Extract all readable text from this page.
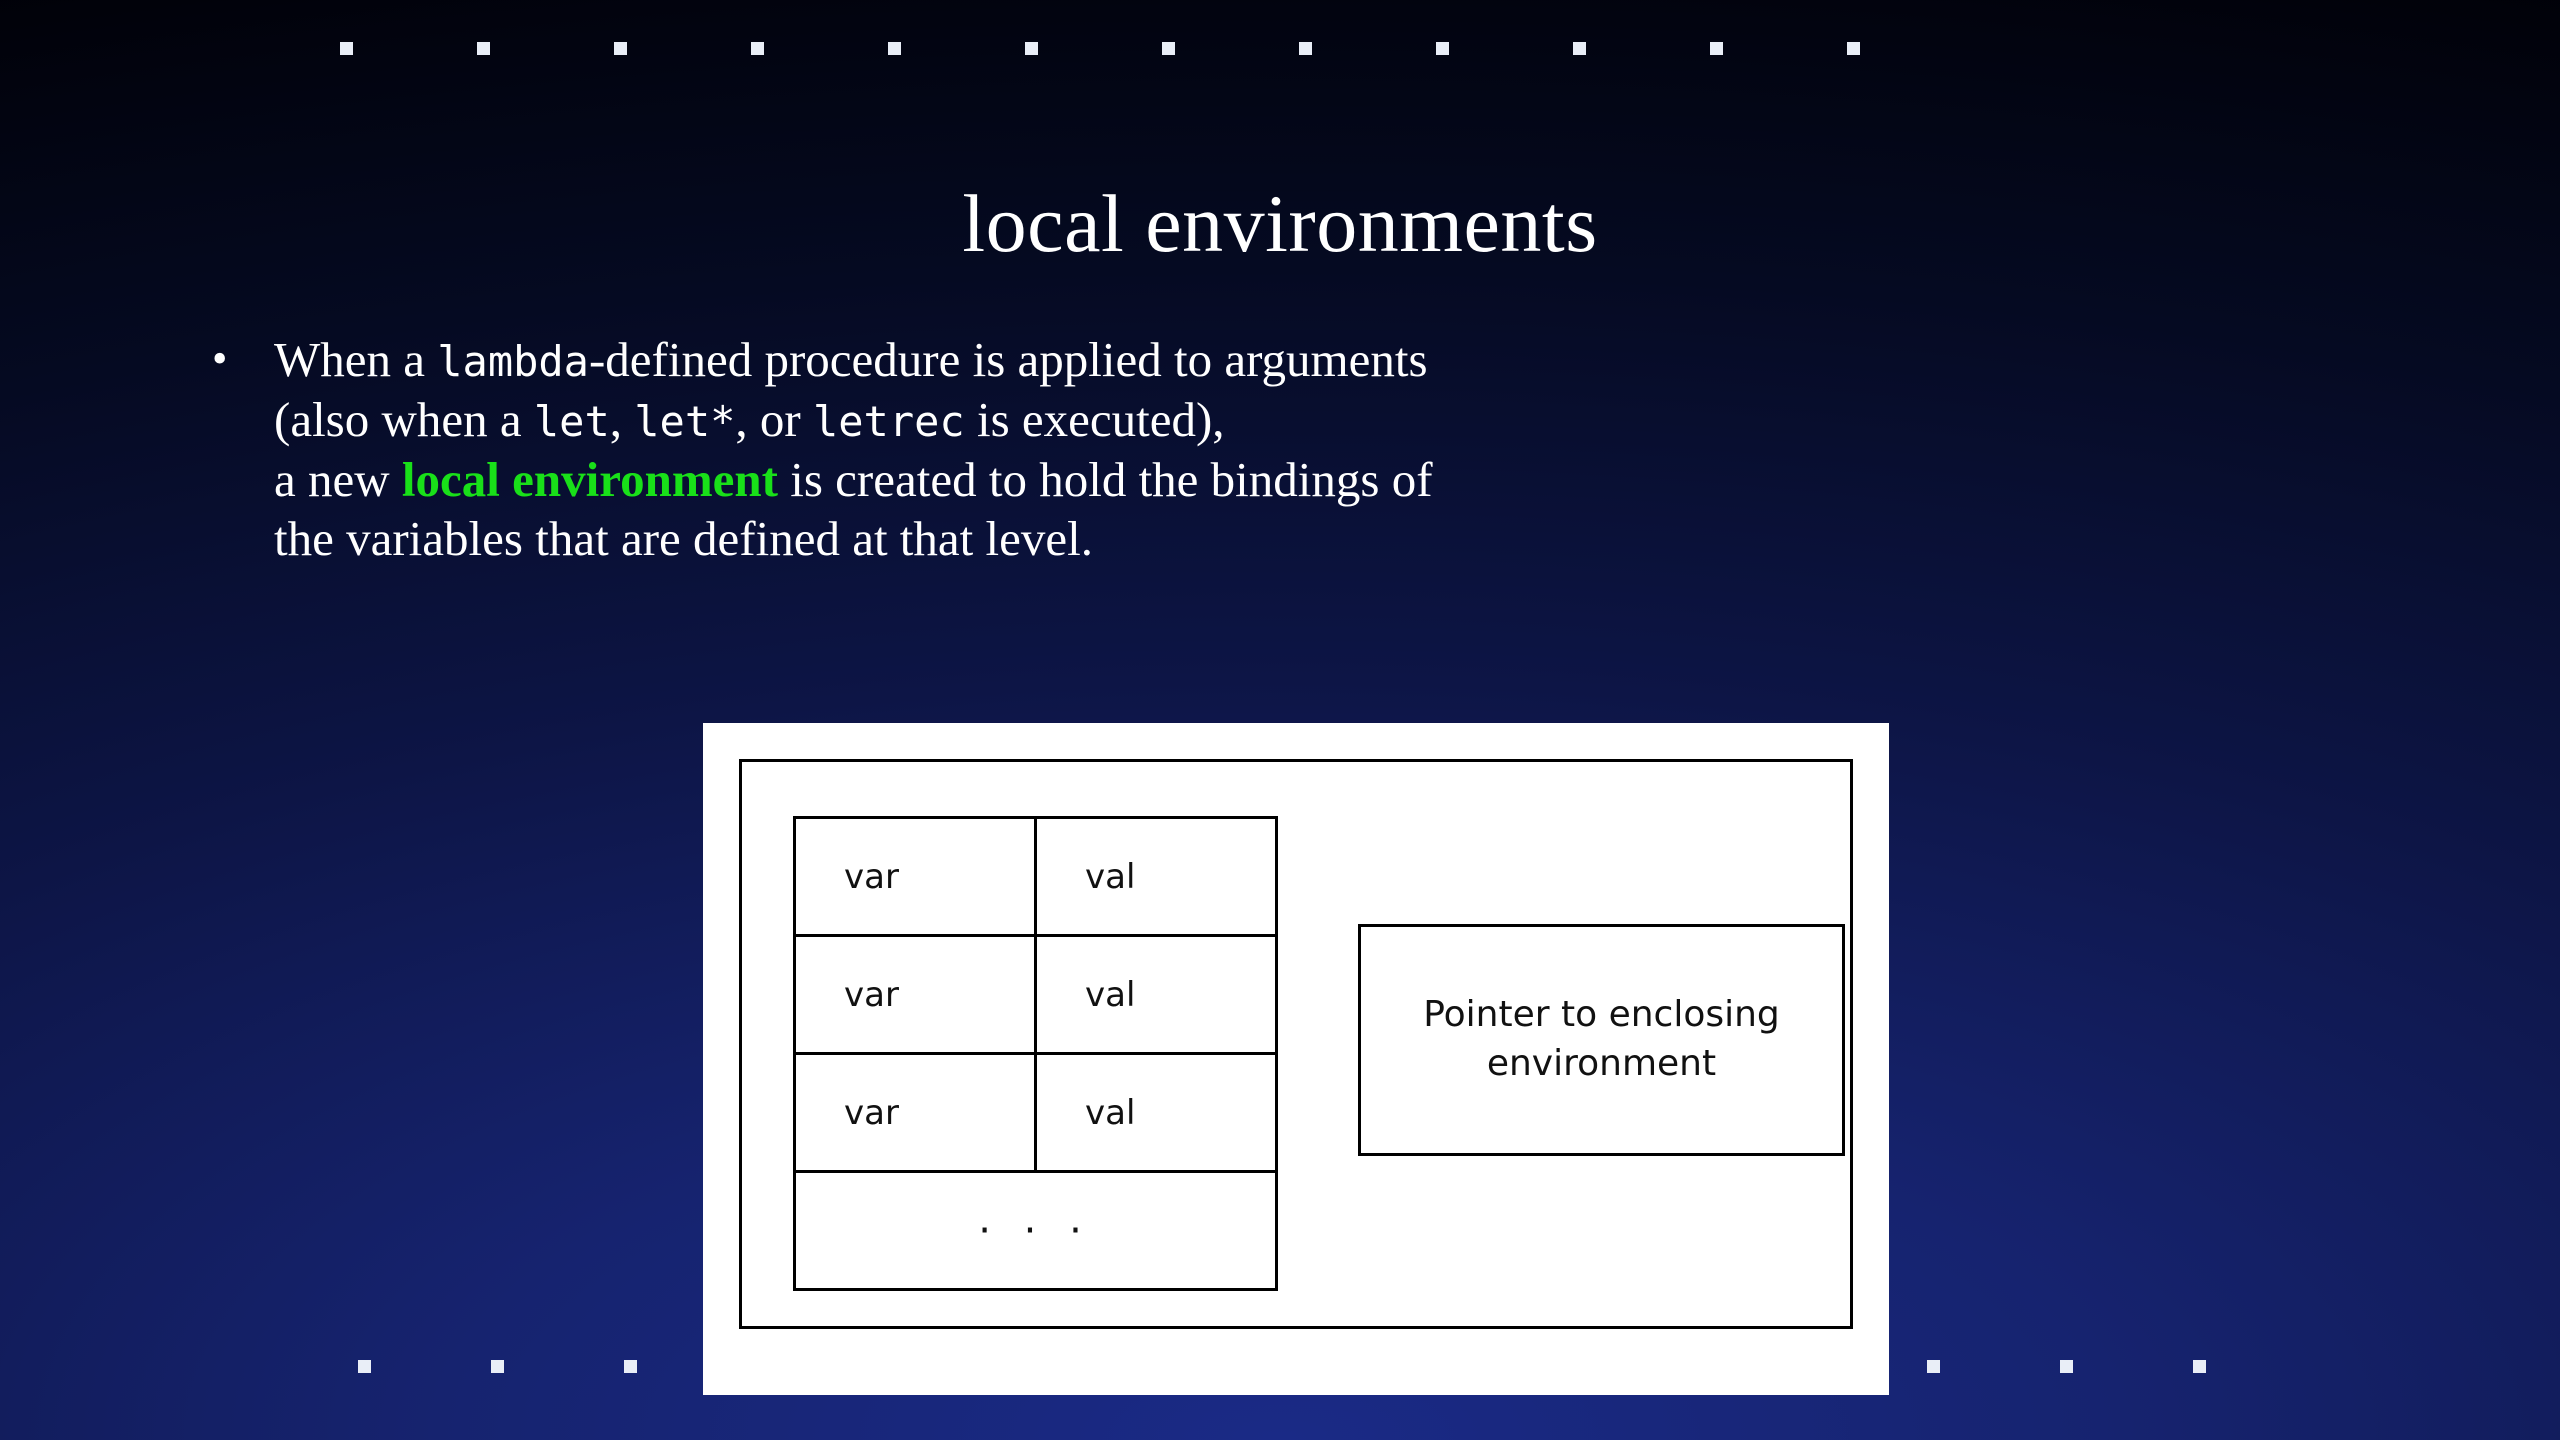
local environments
• When a lambda-defined procedure is applied to arguments
(also when a let, let*, or letrec is executed),
a new local environment is created to hold the bindings of
the variables that are defined at that level.
var	val
var	val
var	val
· · ·	
Pointer to enclosing
environment
